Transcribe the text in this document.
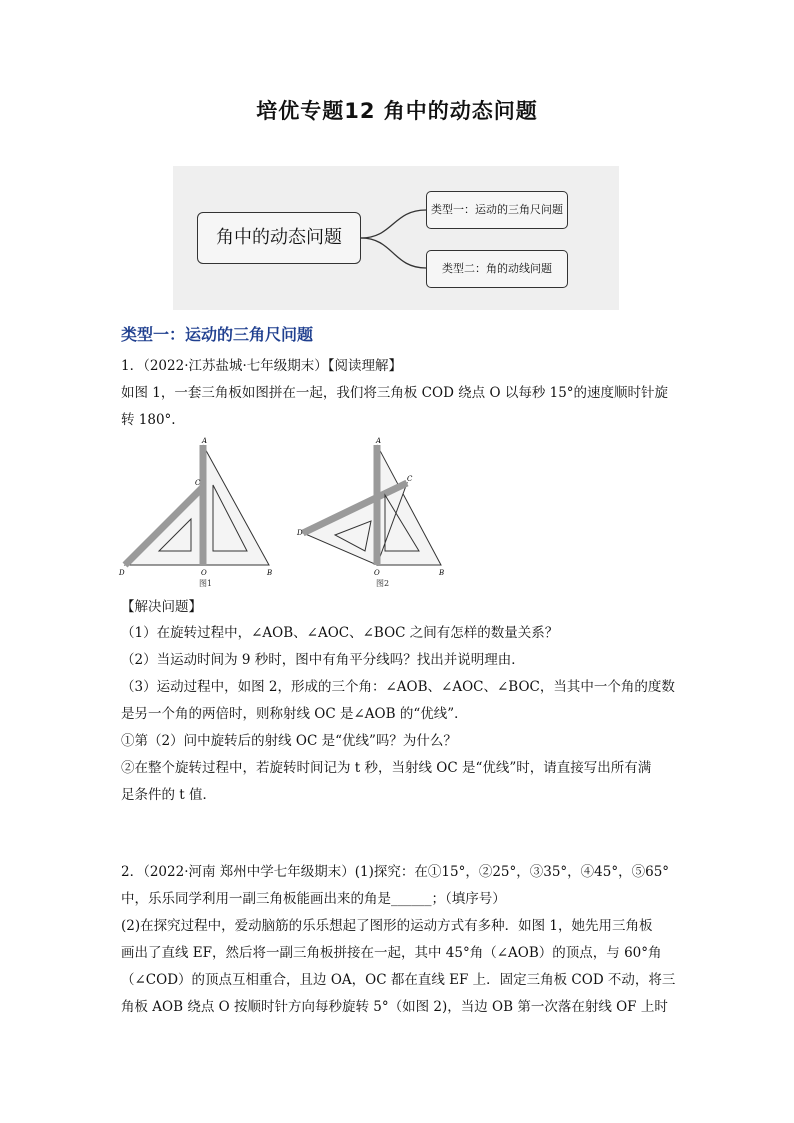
培优专题12 角中的动态问题
角中的动态问题
类型一：运动的三角尺问题
类型二：角的动线问题
类型一：运动的三角尺问题
1．（2022·江苏盐城·七年级期末）【阅读理解】
如图 1，一套三角板如图拼在一起，我们将三角板 COD 绕点 O 以每秒 15°的速度顺时针旋
转 180°.
A
C
D	O	B
A
C
D
O	B
图1	图2
【解决问题】
（1）在旋转过程中，∠AOB、∠AOC、∠BOC 之间有怎样的数量关系？
（2）当运动时间为 9 秒时，图中有角平分线吗？找出并说明理由．
（3）运动过程中，如图 2，形成的三个角：∠AOB、∠AOC、∠BOC，当其中一个角的度数
是另一个角的两倍时，则称射线 OC 是∠AOB 的“优线”．
①第（2）问中旋转后的射线 OC 是“优线”吗？为什么？
②在整个旋转过程中，若旋转时间记为 t 秒，当射线 OC 是“优线”时，请直接写出所有满
足条件的 t 值．
2．（2022·河南 郑州中学七年级期末）(1)探究：在①15°，②25°，③35°，④45°，⑤65°
中，乐乐同学利用一副三角板能画出来的角是______；（填序号）
(2)在探究过程中，爱动脑筋的乐乐想起了图形的运动方式有多种．如图 1，她先用三角板
画出了直线 EF，然后将一副三角板拼接在一起，其中 45°角（∠AOB）的顶点，与 60°角
（∠COD）的顶点互相重合，且边 OA，OC 都在直线 EF 上．固定三角板 COD 不动，将三
角板 AOB 绕点 O 按顺时针方向每秒旋转 5°（如图 2)，当边 OB 第一次落在射线 OF 上时
